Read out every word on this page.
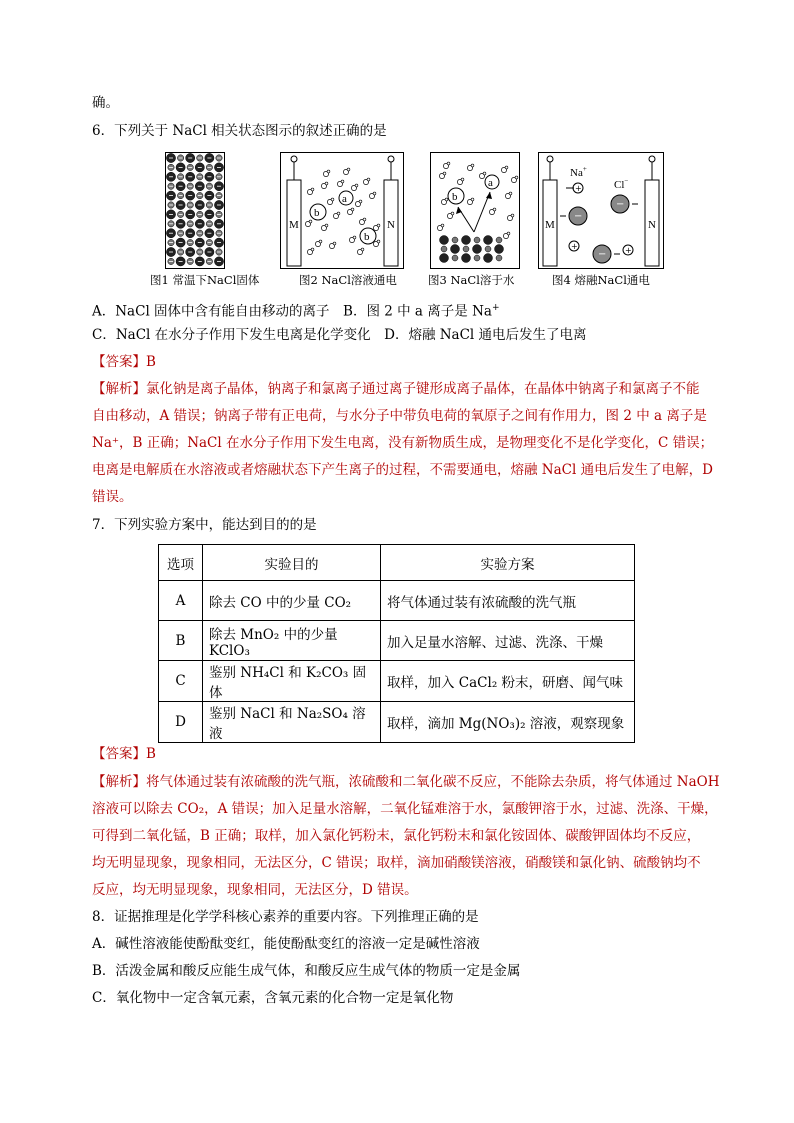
确。
6．下列关于 NaCl 相关状态图示的叙述正确的是
M	N
b
a
b
b
a
M	N
Na+
Cl−
+
−
−
+
− +
图1 常温下NaCl固体	图2 NaCl溶液通电	图3 NaCl溶于水	图4 熔融NaCl通电
A．NaCl 固体中含有能自由移动的离子　B．图 2 中 a 离子是 Na+
C．NaCl 在水分子作用下发生电离是化学变化　D．熔融 NaCl 通电后发生了电离
【答案】B
【解析】氯化钠是离子晶体，钠离子和氯离子通过离子键形成离子晶体，在晶体中钠离子和氯离子不能
自由移动，A 错误；钠离子带有正电荷，与水分子中带负电荷的氧原子之间有作用力，图 2 中 a 离子是
Na⁺，B 正确；NaCl 在水分子作用下发生电离，没有新物质生成，是物理变化不是化学变化，C 错误；
电离是电解质在水溶液或者熔融状态下产生离子的过程，不需要通电，熔融 NaCl 通电后发生了电解，D
错误。
7．下列实验方案中，能达到目的的是
选项	实验目的	实验方案
A	除去 CO 中的少量 CO₂	将气体通过装有浓硫酸的洗气瓶
B	除去 MnO₂ 中的少量 KClO₃	加入足量水溶解、过滤、洗涤、干燥
C	鉴别 NH₄Cl 和 K₂CO₃ 固体	取样，加入 CaCl₂ 粉末，研磨、闻气味
D	鉴别 NaCl 和 Na₂SO₄ 溶液	取样，滴加 Mg(NO₃)₂ 溶液，观察现象
【答案】B
【解析】将气体通过装有浓硫酸的洗气瓶，浓硫酸和二氧化碳不反应，不能除去杂质，将气体通过 NaOH
溶液可以除去 CO₂，A 错误；加入足量水溶解，二氧化锰难溶于水，氯酸钾溶于水，过滤、洗涤、干燥，
可得到二氧化锰，B 正确；取样，加入氯化钙粉末，氯化钙粉末和氯化铵固体、碳酸钾固体均不反应，
均无明显现象，现象相同，无法区分，C 错误；取样，滴加硝酸镁溶液，硝酸镁和氯化钠、硫酸钠均不
反应，均无明显现象，现象相同，无法区分，D 错误。
8．证据推理是化学学科核心素养的重要内容。下列推理正确的是
A．碱性溶液能使酚酞变红，能使酚酞变红的溶液一定是碱性溶液
B．活泼金属和酸反应能生成气体，和酸反应生成气体的物质一定是金属
C．氧化物中一定含氧元素，含氧元素的化合物一定是氧化物
